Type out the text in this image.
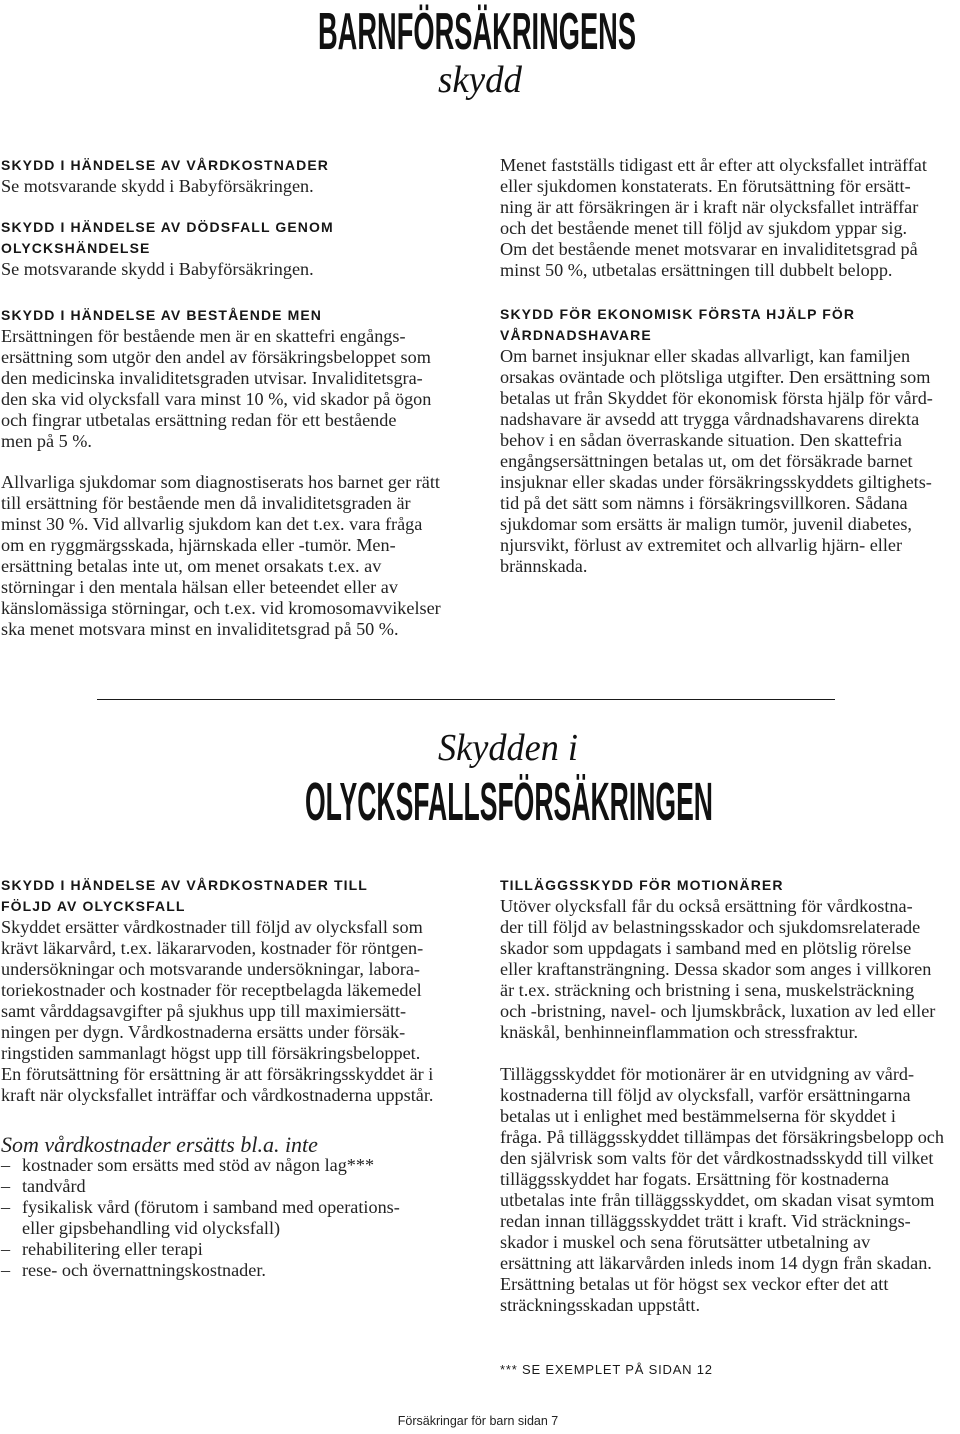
BARNFÖRSÄKRINGENS
skydd
SKYDD I HÄNDELSE AV VÅRDKOSTNADER
Se motsvarande skydd i Babyförsäkringen.
SKYDD I HÄNDELSE AV DÖDSFALL GENOM
OLYCKSHÄNDELSE
Se motsvarande skydd i Babyförsäkringen.
SKYDD I HÄNDELSE AV BESTÅENDE MEN
Ersättningen för bestående men är en skattefri engångs-
ersättning som utgör den andel av försäkringsbeloppet som
den medicinska invaliditetsgraden utvisar. Invaliditetsgra-
den ska vid olycksfall vara minst 10 %, vid skador på ögon
och fingrar utbetalas ersättning redan för ett bestående
men på 5 %.
Allvarliga sjukdomar som diagnostiserats hos barnet ger rätt
till ersättning för bestående men då invaliditetsgraden är
minst 30 %. Vid allvarlig sjukdom kan det t.ex. vara fråga
om en ryggmärgsskada, hjärnskada eller -tumör. Men-
ersättning betalas inte ut, om menet orsakats t.ex. av
störningar i den mentala hälsan eller beteendet eller av
känslomässiga störningar, och t.ex. vid kromosomavvikelser
ska menet motsvara minst en invaliditetsgrad på 50 %.
Menet fastställs tidigast ett år efter att olycksfallet inträffat
eller sjukdomen konstaterats. En förutsättning för ersätt-
ning är att försäkringen är i kraft när olycksfallet inträffar
och det bestående menet till följd av sjukdom yppar sig.
Om det bestående menet motsvarar en invaliditetsgrad på
minst 50 %, utbetalas ersättningen till dubbelt belopp.
SKYDD FÖR EKONOMISK FÖRSTA HJÄLP FÖR
VÅRDNADSHAVARE
Om barnet insjuknar eller skadas allvarligt, kan familjen
orsakas oväntade och plötsliga utgifter. Den ersättning som
betalas ut från Skyddet för ekonomisk första hjälp för vård-
nadshavare är avsedd att trygga vårdnadshavarens direkta
behov i en sådan överraskande situation. Den skattefria
engångsersättningen betalas ut, om det försäkrade barnet
insjuknar eller skadas under försäkringsskyddets giltighets-
tid på det sätt som nämns i försäkringsvillkoren. Sådana
sjukdomar som ersätts är malign tumör, juvenil diabetes,
njursvikt, förlust av extremitet och allvarlig hjärn- eller
brännskada.
Skydden i
OLYCKSFALLSFÖRSÄKRINGEN
SKYDD I HÄNDELSE AV VÅRDKOSTNADER TILL
FÖLJD AV OLYCKSFALL
Skyddet ersätter vårdkostnader till följd av olycksfall som
krävt läkarvård, t.ex. läkararvoden, kostnader för röntgen-
undersökningar och motsvarande undersökningar, labora-
toriekostnader och kostnader för receptbelagda läkemedel
samt vårddagsavgifter på sjukhus upp till maximiersätt-
ningen per dygn. Vårdkostnaderna ersätts under försäk-
ringstiden sammanlagt högst upp till försäkringsbeloppet.
En förutsättning för ersättning är att försäkringsskyddet är i
kraft när olycksfallet inträffar och vårdkostnaderna uppstår.
Som vårdkostnader ersätts bl.a. inte
– kostnader som ersätts med stöd av någon lag***
– tandvård
– fysikalisk vård (förutom i samband med operations-
eller gipsbehandling vid olycksfall)
– rehabilitering eller terapi
– rese- och övernattningskostnader.
TILLÄGGSSKYDD FÖR MOTIONÄRER
Utöver olycksfall får du också ersättning för vårdkostna-
der till följd av belastningsskador och sjukdomsrelaterade
skador som uppdagats i samband med en plötslig rörelse
eller kraftansträngning. Dessa skador som anges i villkoren
är t.ex. sträckning och bristning i sena, muskelsträckning
och -bristning, navel- och ljumskbråck, luxation av led eller
knäskål, benhinneinflammation och stressfraktur.
Tilläggsskyddet för motionärer är en utvidgning av vård-
kostnaderna till följd av olycksfall, varför ersättningarna
betalas ut i enlighet med bestämmelserna för skyddet i
fråga. På tilläggsskyddet tillämpas det försäkringsbelopp och
den självrisk som valts för det vårdkostnadsskydd till vilket
tilläggsskyddet har fogats. Ersättning för kostnaderna
utbetalas inte från tilläggsskyddet, om skadan visat symtom
redan innan tilläggsskyddet trätt i kraft. Vid sträcknings-
skador i muskel och sena förutsätter utbetalning av
ersättning att läkarvården inleds inom 14 dygn från skadan.
Ersättning betalas ut för högst sex veckor efter det att
sträckningsskadan uppstått.
*** SE EXEMPLET PÅ SIDAN 12
Försäkringar för barn sidan 7
